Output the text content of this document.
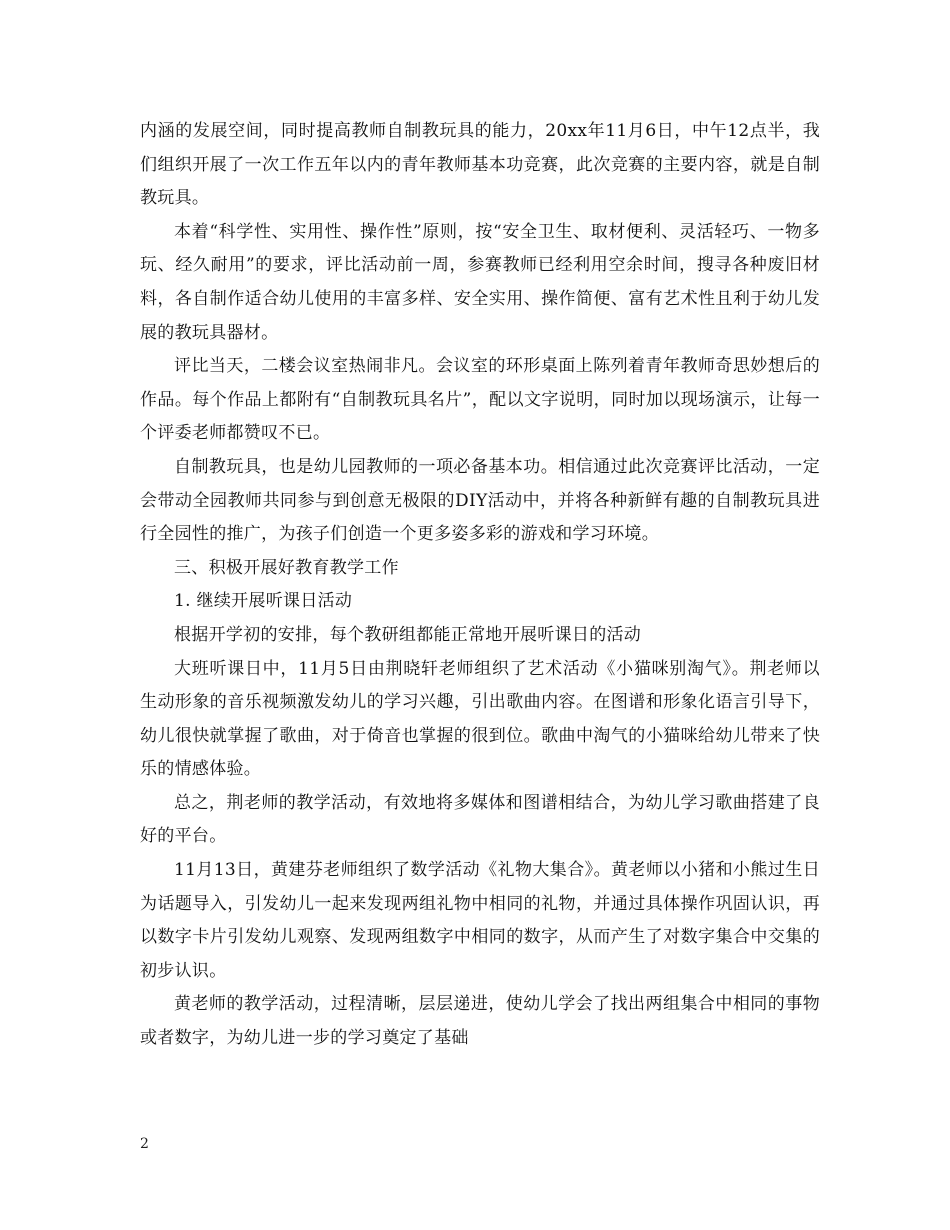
内涵的发展空间，同时提高教师自制教玩具的能力，20xx年11月6日，中午12点半，我们组织开展了一次工作五年以内的青年教师基本功竞赛，此次竞赛的主要内容，就是自制教玩具。

本着“科学性、实用性、操作性”原则，按“安全卫生、取材便利、灵活轻巧、一物多玩、经久耐用”的要求，评比活动前一周，参赛教师已经利用空余时间，搜寻各种废旧材料，各自制作适合幼儿使用的丰富多样、安全实用、操作简便、富有艺术性且利于幼儿发展的教玩具器材。

评比当天，二楼会议室热闹非凡。会议室的环形桌面上陈列着青年教师奇思妙想后的作品。每个作品上都附有“自制教玩具名片”，配以文字说明，同时加以现场演示，让每一个评委老师都赞叹不已。

自制教玩具，也是幼儿园教师的一项必备基本功。相信通过此次竞赛评比活动，一定会带动全园教师共同参与到创意无极限的DIY活动中，并将各种新鲜有趣的自制教玩具进行全园性的推广，为孩子们创造一个更多姿多彩的游戏和学习环境。

三、积极开展好教育教学工作

1. 继续开展听课日活动

根据开学初的安排，每个教研组都能正常地开展听课日的活动

大班听课日中，11月5日由荆晓轩老师组织了艺术活动《小猫咪别淘气》。荆老师以生动形象的音乐视频激发幼儿的学习兴趣，引出歌曲内容。在图谱和形象化语言引导下，幼儿很快就掌握了歌曲，对于倚音也掌握的很到位。歌曲中淘气的小猫咪给幼儿带来了快乐的情感体验。

总之，荆老师的教学活动，有效地将多媒体和图谱相结合，为幼儿学习歌曲搭建了良好的平台。

11月13日，黄建芬老师组织了数学活动《礼物大集合》。黄老师以小猪和小熊过生日为话题导入，引发幼儿一起来发现两组礼物中相同的礼物，并通过具体操作巩固认识，再以数字卡片引发幼儿观察、发现两组数字中相同的数字，从而产生了对数字集合中交集的初步认识。

黄老师的教学活动，过程清晰，层层递进，使幼儿学会了找出两组集合中相同的事物或者数字，为幼儿进一步的学习奠定了基础

2
